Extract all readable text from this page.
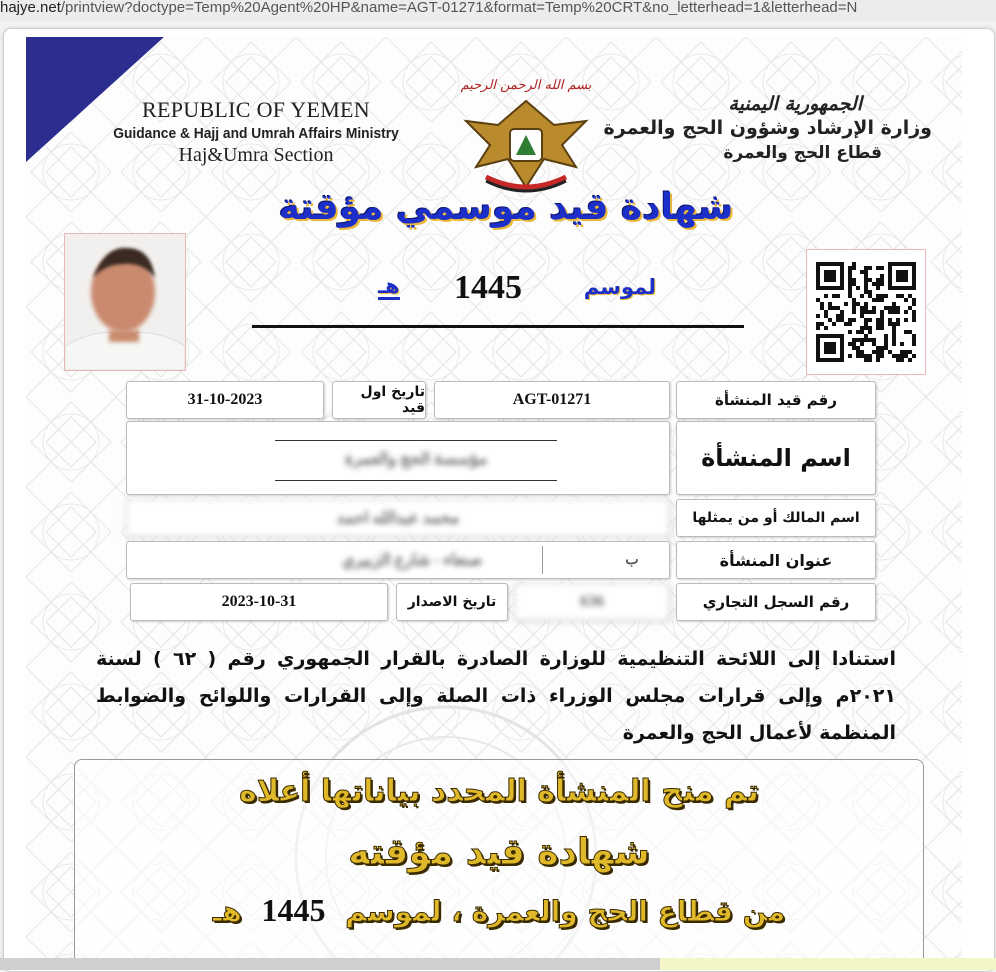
hajye.net/printview?doctype=Temp%20Agent%20HP&name=AGT-01271&format=Temp%20CRT&no_letterhead=1&letterhead=N
REPUBLIC OF YEMEN
Guidance & Hajj and Umrah Affairs Ministry
Haj&Umra Section
بسم الله الرحمن الرحيم
الجمهورية اليمنية
وزارة الإرشاد وشؤون الحج والعمرة
قطاع الحج والعمرة
شهادة قيد موسمي مؤقتة
لموسم
1445
هـ
31-10-2023	تاريخ اول قيد	AGT-01271	رقم قيد المنشأة
مؤسسة الحج والعمرة	اسم المنشأة
محمد عبدالله احمد	اسم المالك أو من يمثلها
صنعاء - شارع الزبيري	ب	عنوان المنشأة
2023-10-31	تاريخ الاصدار	636	رقم السجل التجاري
استنادا إلى اللائحة التنظيمية للوزارة الصادرة بالقرار الجمهوري رقم ( ٦٢ ) لسنة ٢٠٢١م وإلى قرارات مجلس الوزراء ذات الصلة وإلى القرارات واللوائح والضوابط المنظمة لأعمال الحج والعمرة
تم منح المنشأة المحدد بياناتها أعلاه
شهادة قيد مؤقته
من قطاع الحج والعمرة ، لموسم 1445 هـ
